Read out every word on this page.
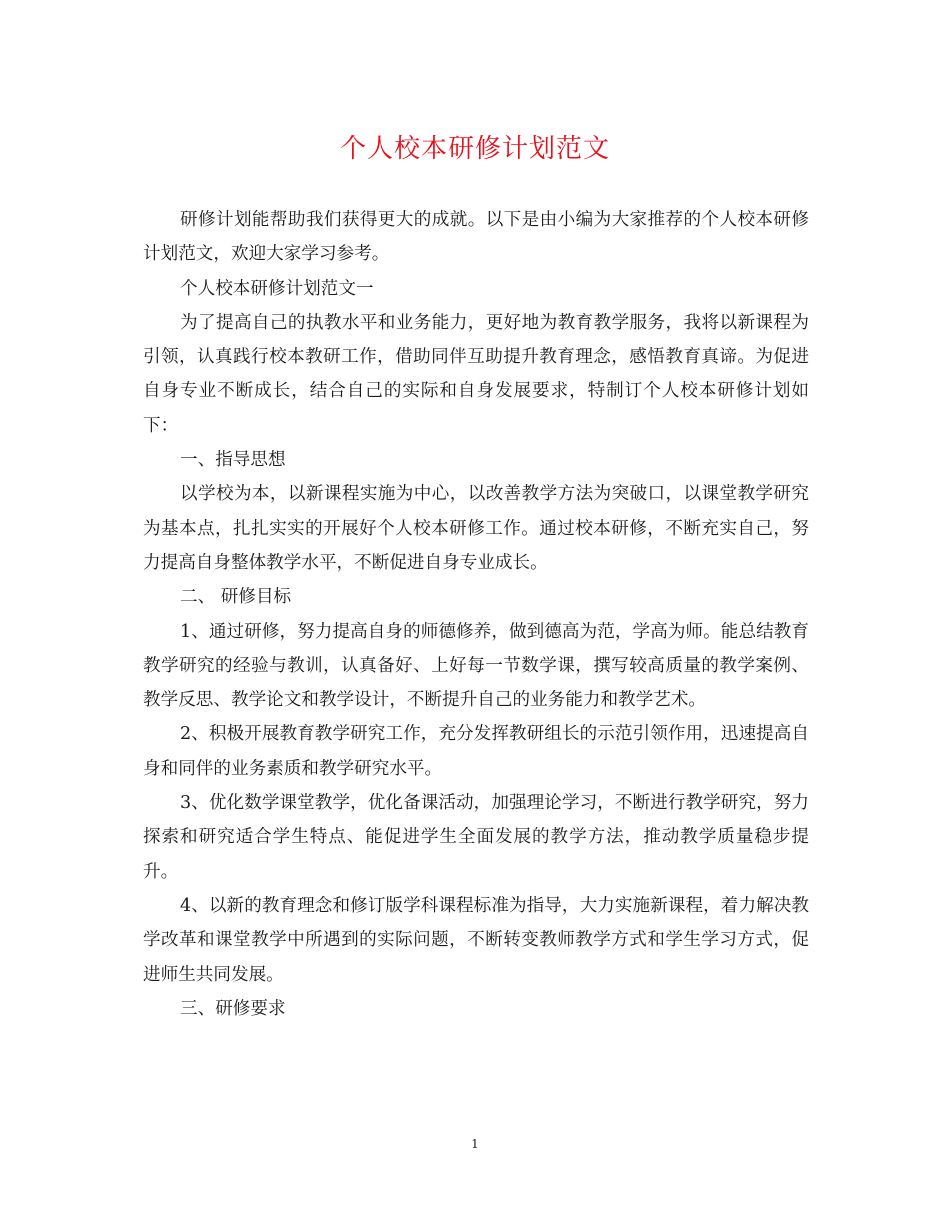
个人校本研修计划范文

研修计划能帮助我们获得更大的成就。以下是由小编为大家推荐的个人校本研修计划范文，欢迎大家学习参考。

个人校本研修计划范文一

为了提高自己的执教水平和业务能力，更好地为教育教学服务，我将以新课程为引领，认真践行校本教研工作，借助同伴互助提升教育理念，感悟教育真谛。为促进自身专业不断成长，结合自己的实际和自身发展要求，特制订个人校本研修计划如下：

一、指导思想

以学校为本，以新课程实施为中心，以改善教学方法为突破口，以课堂教学研究为基本点，扎扎实实的开展好个人校本研修工作。通过校本研修，不断充实自己，努力提高自身整体教学水平，不断促进自身专业成长。

二、 研修目标

1、通过研修，努力提高自身的师德修养，做到德高为范，学高为师。能总结教育教学研究的经验与教训，认真备好、上好每一节数学课，撰写较高质量的教学案例、教学反思、教学论文和教学设计，不断提升自己的业务能力和教学艺术。

2、积极开展教育教学研究工作，充分发挥教研组长的示范引领作用，迅速提高自身和同伴的业务素质和教学研究水平。

3、优化数学课堂教学，优化备课活动，加强理论学习，不断进行教学研究，努力探索和研究适合学生特点、能促进学生全面发展的教学方法，推动教学质量稳步提升。

4、以新的教育理念和修订版学科课程标准为指导，大力实施新课程，着力解决教学改革和课堂教学中所遇到的实际问题，不断转变教师教学方式和学生学习方式，促进师生共同发展。

三、研修要求

1
